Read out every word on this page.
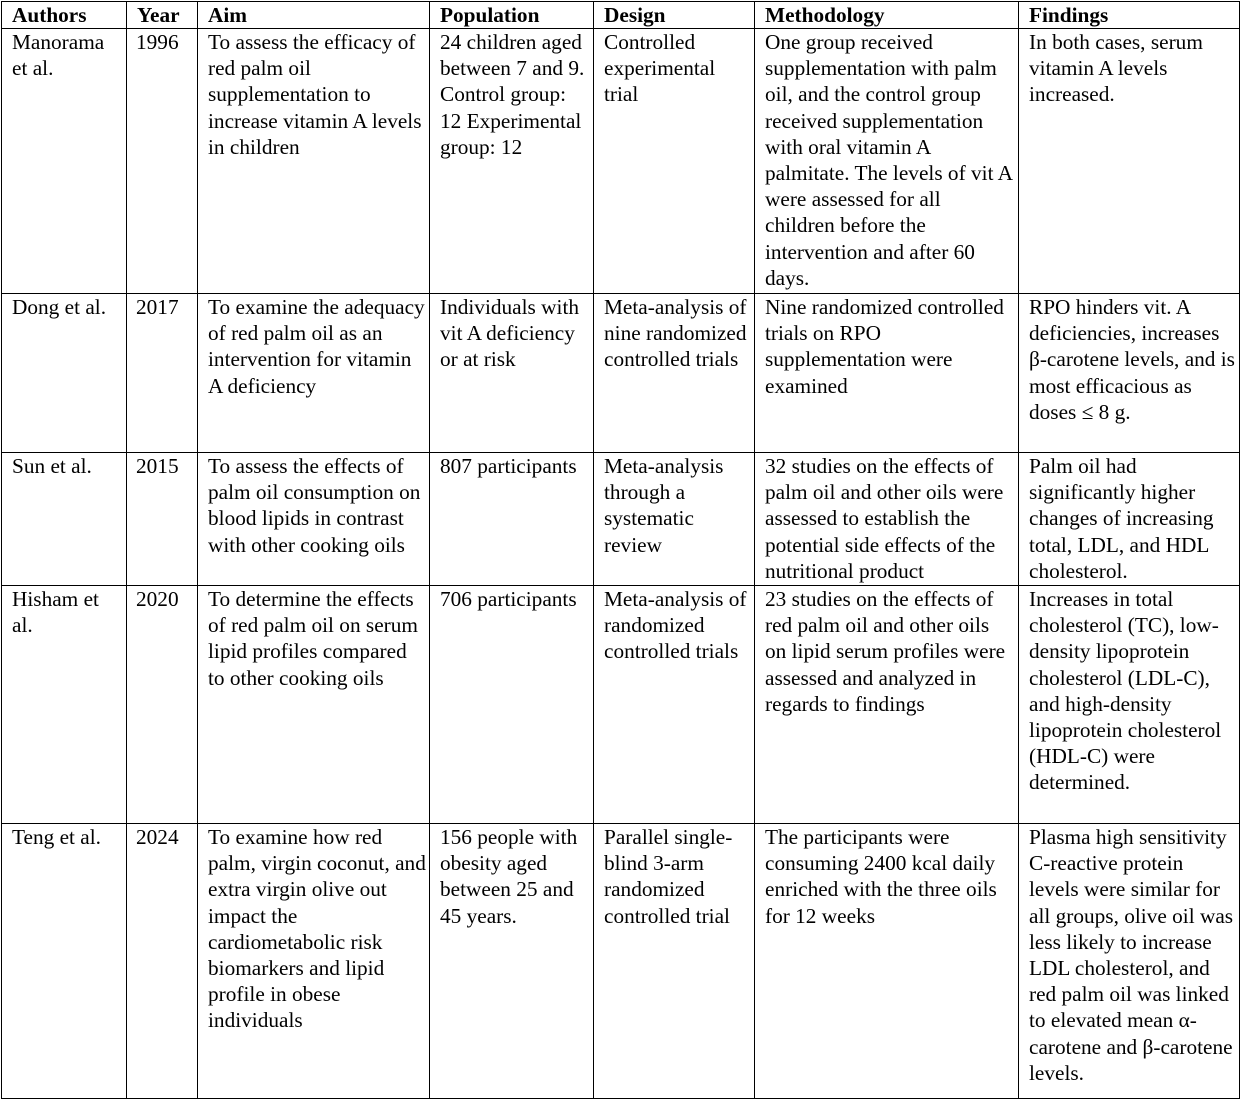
Authors	Year	Aim	Population	Design	Methodology	Findings
Manorama et al.	1996	To assess the efficacy of red palm oil supplementation to increase vitamin A levels in children	24 children aged between 7 and 9. Control group: 12 Experimental group: 12	Controlled experimental trial	One group received supplementation with palm oil, and the control group received supplementation with oral vitamin A palmitate. The levels of vit A were assessed for all children before the intervention and after 60 days.	In both cases, serum vitamin A levels increased.
Dong et al.	2017	To examine the adequacy of red palm oil as an intervention for vitamin A deficiency	Individuals with vit A deficiency or at risk	Meta-analysis of nine randomized controlled trials	Nine randomized controlled trials on RPO supplementation were examined	RPO hinders vit. A deficiencies, increases β-carotene levels, and is most efficacious as doses ≤ 8 g.
Sun et al.	2015	To assess the effects of palm oil consumption on blood lipids in contrast with other cooking oils	807 participants	Meta-analysis through a systematic review	32 studies on the effects of palm oil and other oils were assessed to establish the potential side effects of the nutritional product	Palm oil had significantly higher changes of increasing total, LDL, and HDL cholesterol.
Hisham et al.	2020	To determine the effects of red palm oil on serum lipid profiles compared to other cooking oils	706 participants	Meta-analysis of randomized controlled trials	23 studies on the effects of red palm oil and other oils on lipid serum profiles were assessed and analyzed in regards to findings	Increases in total cholesterol (TC), low-density lipoprotein cholesterol (LDL-C), and high-density lipoprotein cholesterol (HDL-C) were determined.
Teng et al.	2024	To examine how red palm, virgin coconut, and extra virgin olive out impact the cardiometabolic risk biomarkers and lipid profile in obese individuals	156 people with obesity aged between 25 and 45 years.	Parallel single-blind 3-arm randomized controlled trial	The participants were consuming 2400 kcal daily enriched with the three oils for 12 weeks	Plasma high sensitivity C-reactive protein levels were similar for all groups, olive oil was less likely to increase LDL cholesterol, and red palm oil was linked to elevated mean α-carotene and β-carotene levels.
